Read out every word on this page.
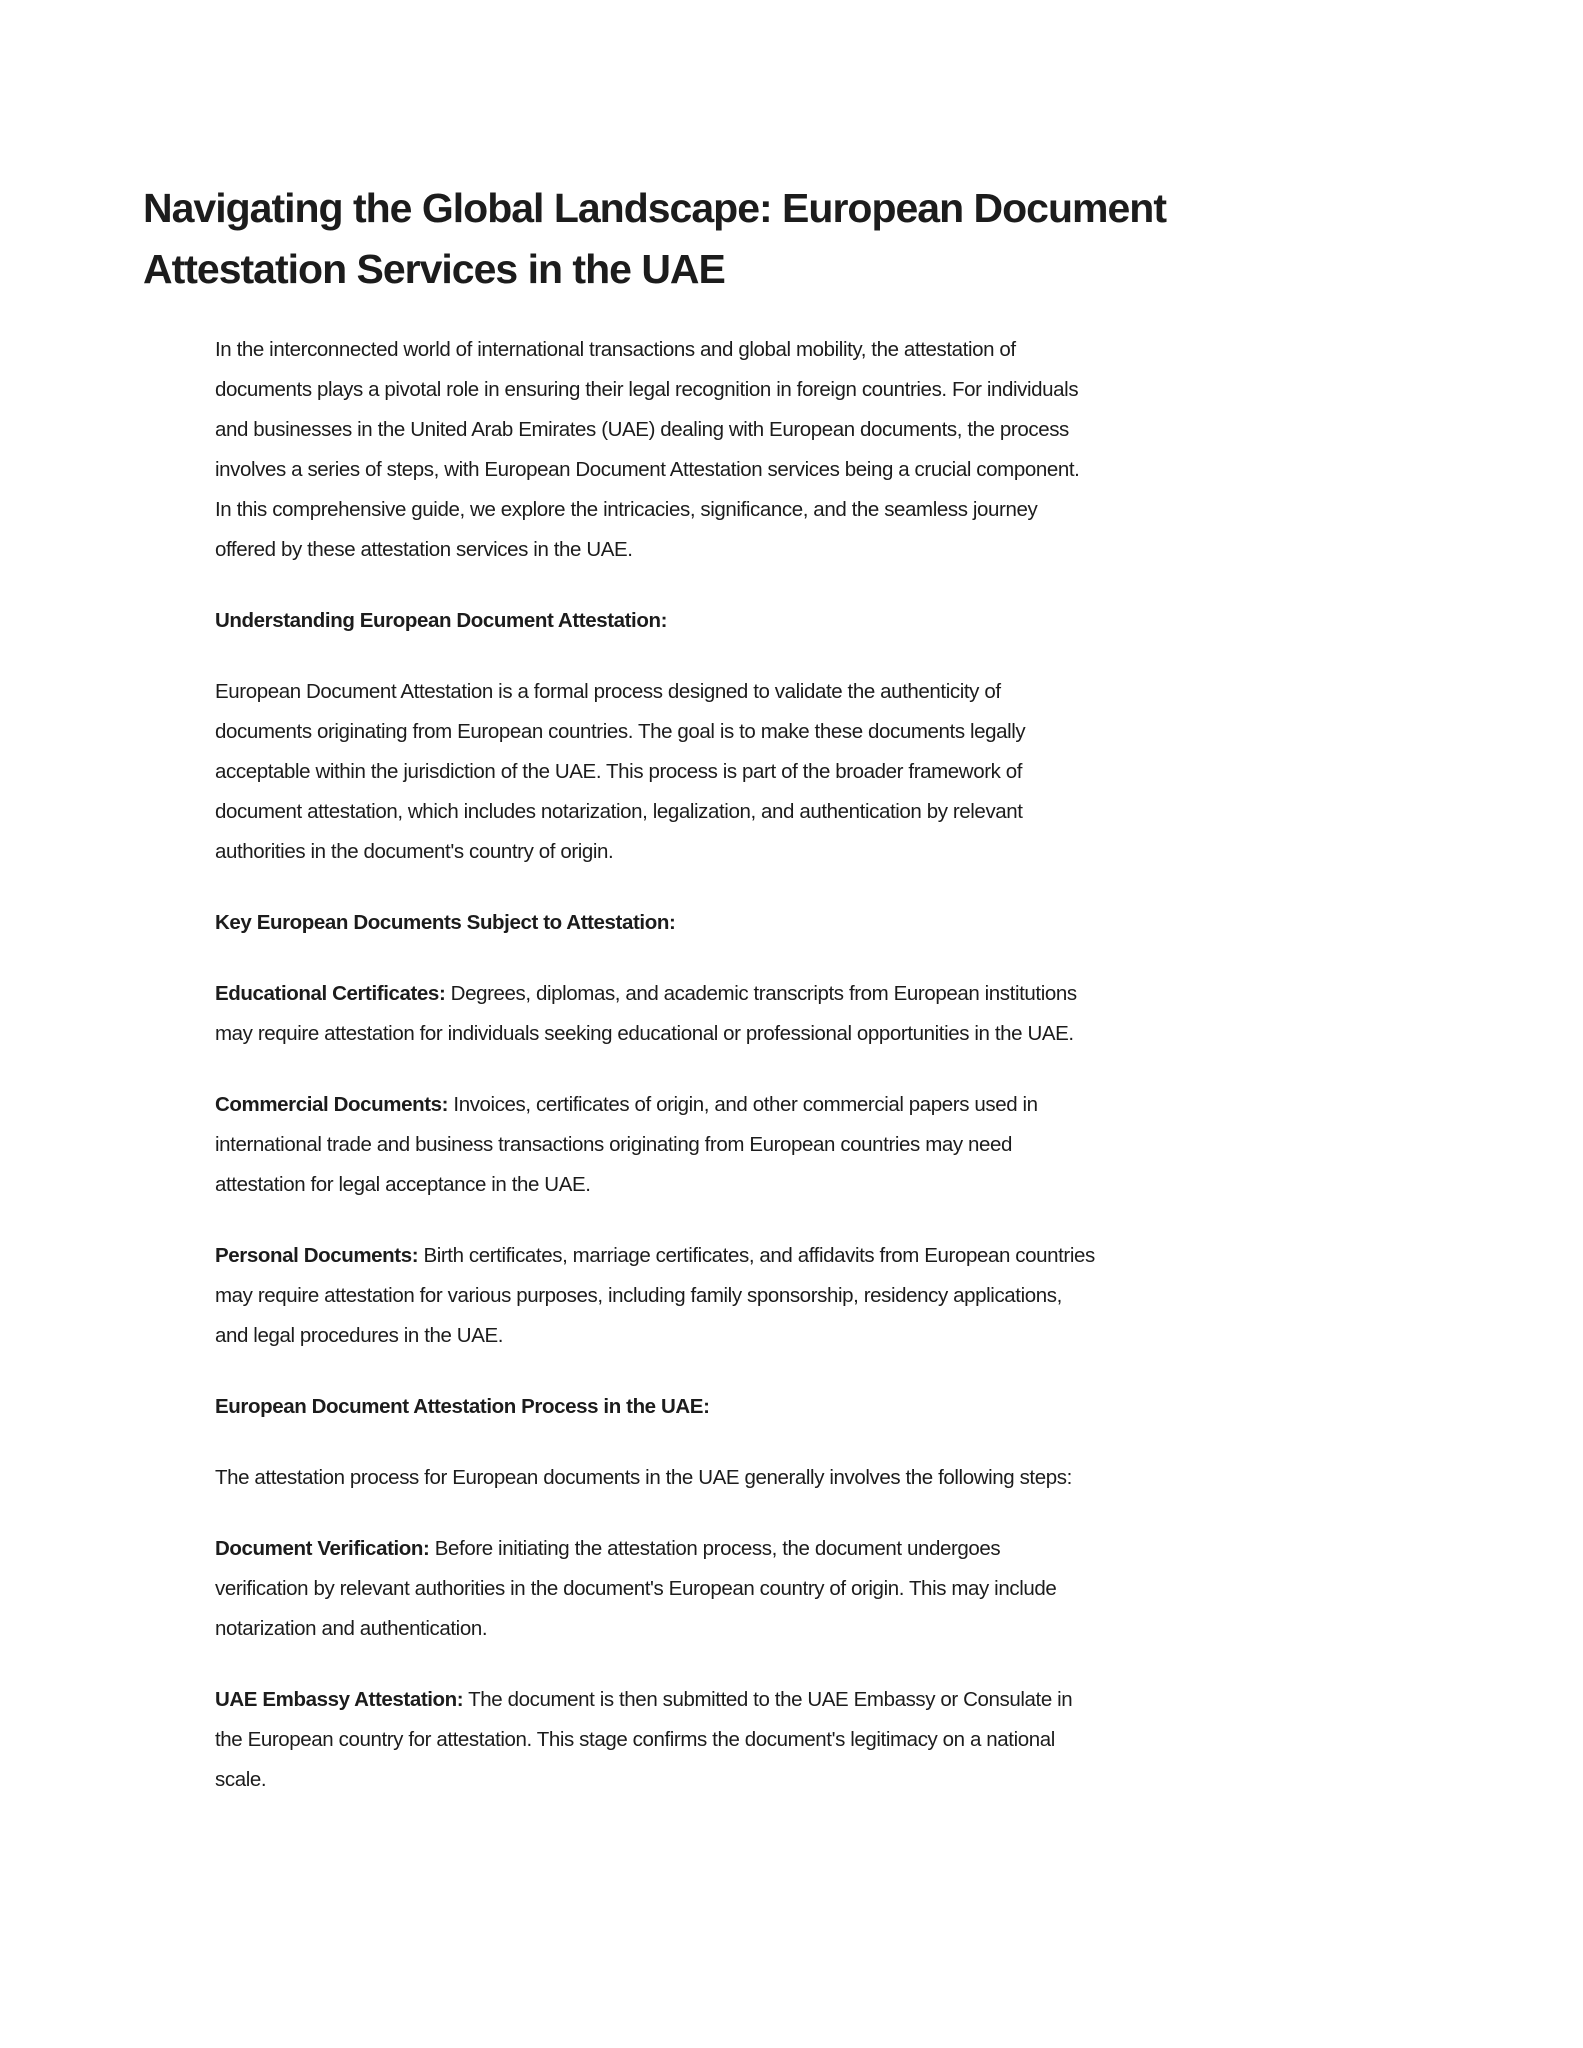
Navigating the Global Landscape: European Document
Attestation Services in the UAE

In the interconnected world of international transactions and global mobility, the attestation of documents plays a pivotal role in ensuring their legal recognition in foreign countries. For individuals and businesses in the United Arab Emirates (UAE) dealing with European documents, the process involves a series of steps, with European Document Attestation services being a crucial component. In this comprehensive guide, we explore the intricacies, significance, and the seamless journey offered by these attestation services in the UAE.

Understanding European Document Attestation:

European Document Attestation is a formal process designed to validate the authenticity of documents originating from European countries. The goal is to make these documents legally acceptable within the jurisdiction of the UAE. This process is part of the broader framework of document attestation, which includes notarization, legalization, and authentication by relevant authorities in the document's country of origin.

Key European Documents Subject to Attestation:

Educational Certificates: Degrees, diplomas, and academic transcripts from European institutions may require attestation for individuals seeking educational or professional opportunities in the UAE.

Commercial Documents: Invoices, certificates of origin, and other commercial papers used in international trade and business transactions originating from European countries may need attestation for legal acceptance in the UAE.

Personal Documents: Birth certificates, marriage certificates, and affidavits from European countries may require attestation for various purposes, including family sponsorship, residency applications, and legal procedures in the UAE.

European Document Attestation Process in the UAE:

The attestation process for European documents in the UAE generally involves the following steps:

Document Verification: Before initiating the attestation process, the document undergoes verification by relevant authorities in the document's European country of origin. This may include notarization and authentication.

UAE Embassy Attestation: The document is then submitted to the UAE Embassy or Consulate in the European country for attestation. This stage confirms the document's legitimacy on a national scale.
